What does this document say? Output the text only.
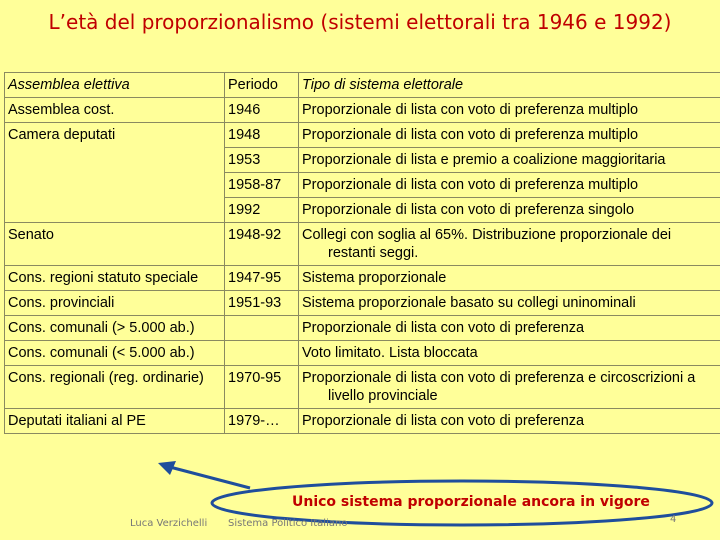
L’età del proporzionalismo (sistemi elettorali tra 1946 e 1992)
Assemblea elettiva	Periodo	Tipo di sistema elettorale
Assemblea cost.	1946	Proporzionale di lista con voto di preferenza multiplo
Camera deputati	1948	Proporzionale di lista con voto di preferenza multiplo
	1953	Proporzionale di lista e premio a coalizione maggioritaria
	1958-87	Proporzionale di lista con voto di preferenza multiplo
	1992	Proporzionale di lista con voto di preferenza singolo
Senato	1948-92	Collegi con soglia al 65%. Distribuzione proporzionale dei restanti seggi.

Cons. regioni statuto speciale	1947-95	Sistema proporzionale
Cons. provinciali	1951-93	Sistema proporzionale basato su collegi uninominali
Cons. comunali (> 5.000 ab.)		Proporzionale di lista con voto di preferenza
Cons. comunali (< 5.000 ab.)		Voto limitato. Lista bloccata
Cons. regionali (reg. ordinarie)	1970-95	Proporzionale di lista con voto di preferenza e circoscrizioni a livello provinciale

Deputati italiani al PE	1979-…	Proporzionale di lista con voto di preferenza
Unico sistema proporzionale ancora in vigore
Luca Verzichelli Sistema Politico Italiano	4
